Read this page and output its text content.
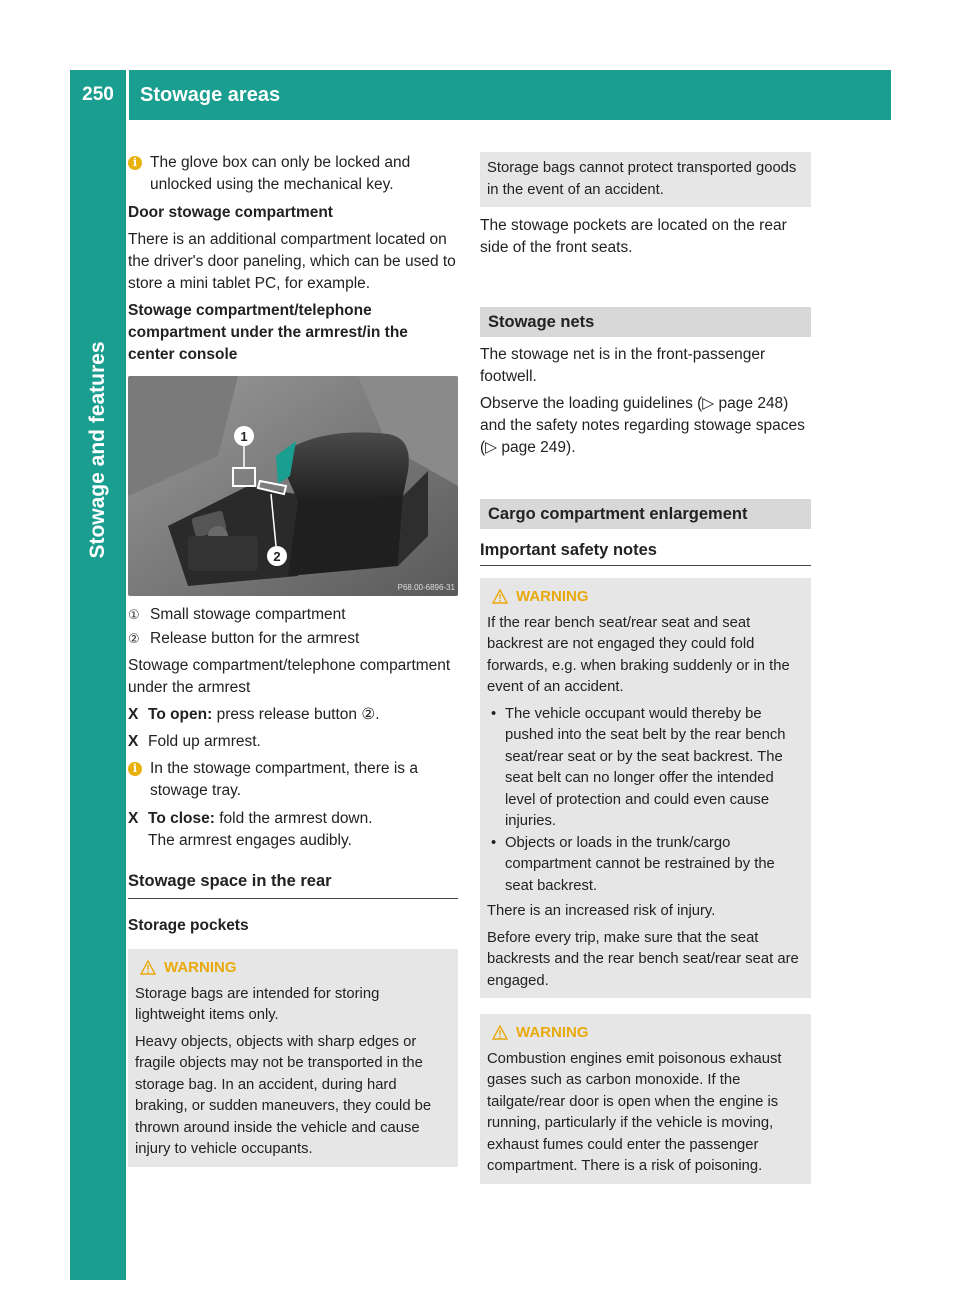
250	Stowage areas
Stowage and features
i The glove box can only be locked and unlocked using the mechanical key.
Door stowage compartment

There is an additional compartment located on the driver's door paneling, which can be used to store a mini tablet PC, for example.

Stowage compartment/telephone compartment under the armrest/in the center console
1
2
P68.00-6896-31
① Small stowage compartment
② Release button for the armrest

Stowage compartment/telephone compartment under the armrest

X To open: press release button ②.
X Fold up armrest.
i In the stowage compartment, there is a stowage tray.
X To close: fold the armrest down.

The armrest engages audibly.

Stowage space in the rear
Storage pockets
WARNING

Storage bags are intended for storing lightweight items only.

Heavy objects, objects with sharp edges or fragile objects may not be transported in the storage bag. In an accident, during hard braking, or sudden maneuvers, they could be thrown around inside the vehicle and cause injury to vehicle occupants.

Storage bags cannot protect transported goods in the event of an accident.

The stowage pockets are located on the rear side of the front seats.

Stowage nets

The stowage net is in the front-passenger footwell.

Observe the loading guidelines (▷ page 248) and the safety notes regarding stowage spaces (▷ page 249).

Cargo compartment enlargement
Important safety notes
WARNING

If the rear bench seat/rear seat and seat backrest are not engaged they could fold forwards, e.g. when braking suddenly or in the event of an accident.

• The vehicle occupant would thereby be pushed into the seat belt by the rear bench seat/rear seat or by the seat backrest. The seat belt can no longer offer the intended level of protection and could even cause injuries.
• Objects or loads in the trunk/cargo compartment cannot be restrained by the seat backrest.

There is an increased risk of injury.

Before every trip, make sure that the seat backrests and the rear bench seat/rear seat are engaged.

WARNING

Combustion engines emit poisonous exhaust gases such as carbon monoxide. If the tailgate/rear door is open when the engine is running, particularly if the vehicle is moving, exhaust fumes could enter the passenger compartment. There is a risk of poisoning.
